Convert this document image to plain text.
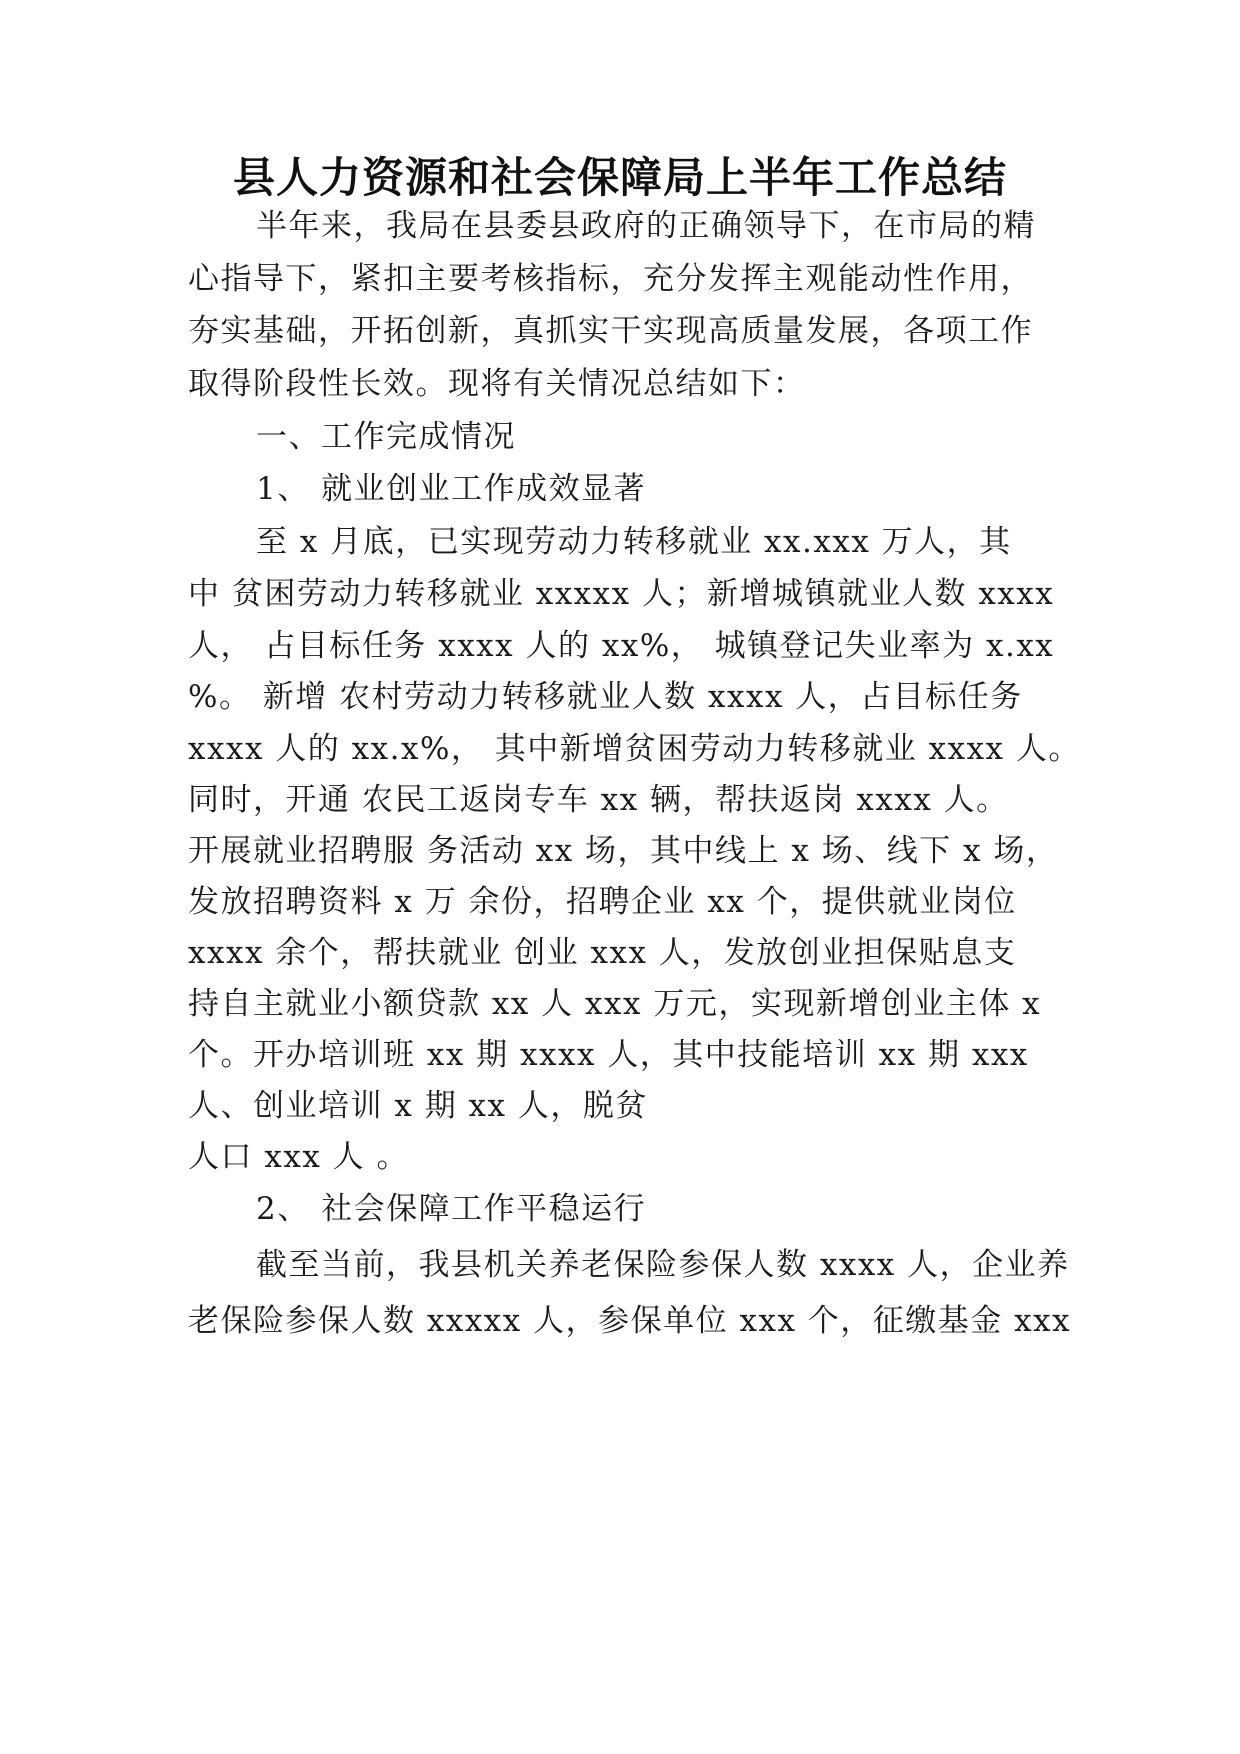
县人力资源和社会保障局上半年工作总结
半年来，我局在县委县政府的正确领导下，在市局的精
心指导下，紧扣主要考核指标，充分发挥主观能动性作用，
夯实基础，开拓创新，真抓实干实现高质量发展，各项工作
取得阶段性长效。现将有关情况总结如下：
一、工作完成情况
1、 就业创业工作成效显著
至 x 月底，已实现劳动力转移就业 xx.xxx 万人，其
中 贫困劳动力转移就业 xxxxx 人；新增城镇就业人数 xxxx
人， 占目标任务 xxxx 人的 xx%， 城镇登记失业率为 x.xx
%。 新增 农村劳动力转移就业人数 xxxx 人，占目标任务
xxxx 人的 xx.x%， 其中新增贫困劳动力转移就业 xxxx 人。
同时，开通 农民工返岗专车 xx 辆，帮扶返岗 xxxx 人。
开展就业招聘服 务活动 xx 场，其中线上 x 场、线下 x 场，
发放招聘资料 x 万 余份，招聘企业 xx 个，提供就业岗位
xxxx 余个，帮扶就业 创业 xxx 人，发放创业担保贴息支
持自主就业小额贷款 xx 人 xxx 万元，实现新增创业主体 x
个。开办培训班 xx 期 xxxx 人，其中技能培训 xx 期 xxx
人、创业培训 x 期 xx 人，脱贫
人口 xxx 人 。
2、 社会保障工作平稳运行
截至当前，我县机关养老保险参保人数 xxxx 人，企业养
老保险参保人数 xxxxx 人，参保单位 xxx 个，征缴基金 xxx
